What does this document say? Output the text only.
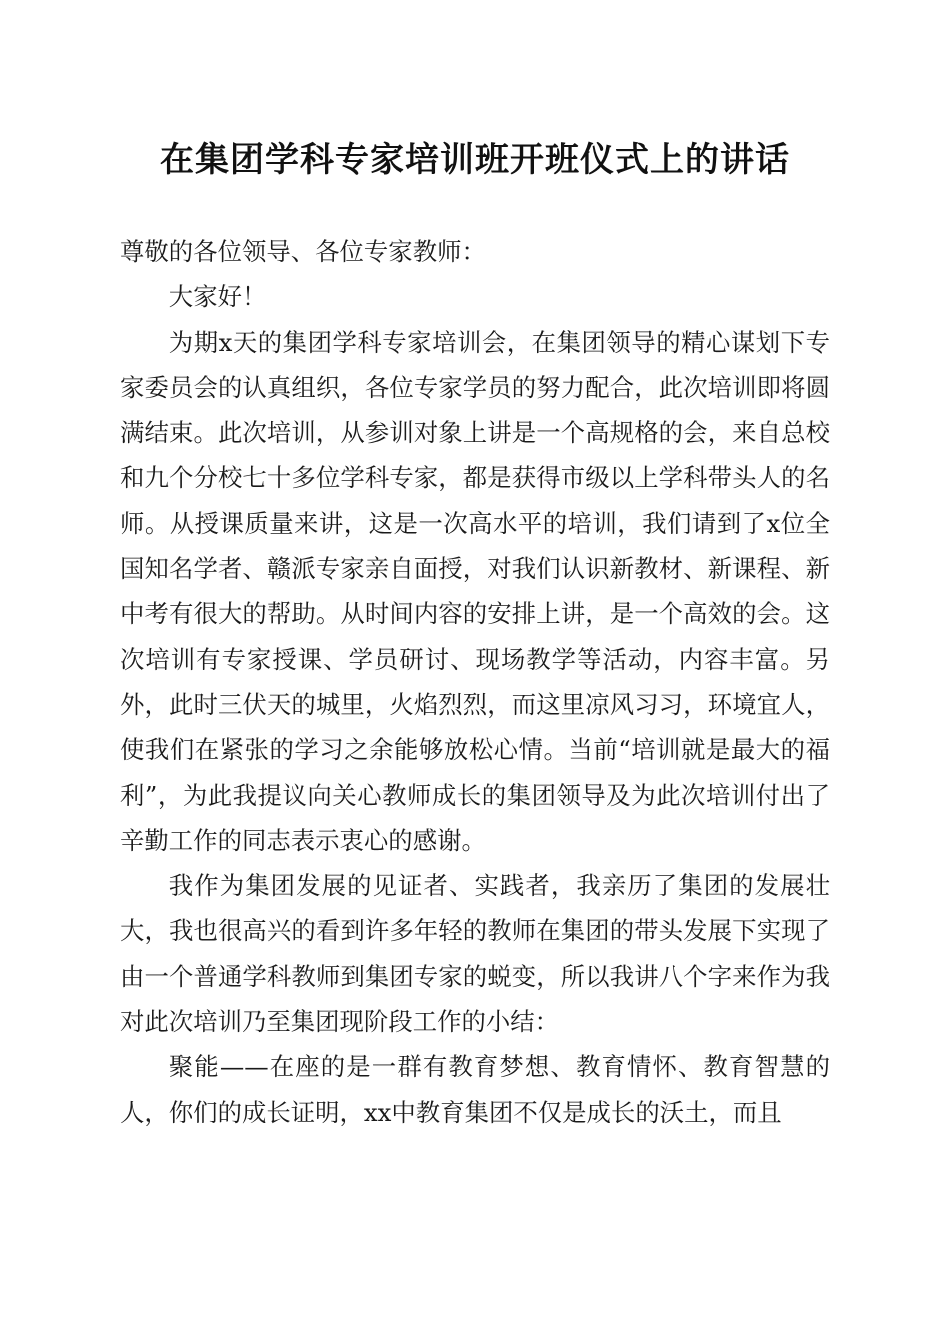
在集团学科专家培训班开班仪式上的讲话

尊敬的各位领导、各位专家教师：

大家好！

为期x天的集团学科专家培训会，在集团领导的精心谋划下专家委员会的认真组织，各位专家学员的努力配合，此次培训即将圆满结束。此次培训，从参训对象上讲是一个高规格的会，来自总校和九个分校七十多位学科专家，都是获得市级以上学科带头人的名师。从授课质量来讲，这是一次高水平的培训，我们请到了x位全国知名学者、赣派专家亲自面授，对我们认识新教材、新课程、新中考有很大的帮助。从时间内容的安排上讲，是一个高效的会。这次培训有专家授课、学员研讨、现场教学等活动，内容丰富。另外，此时三伏天的城里，火焰烈烈，而这里凉风习习，环境宜人，使我们在紧张的学习之余能够放松心情。当前“培训就是最大的福利”，为此我提议向关心教师成长的集团领导及为此次培训付出了辛勤工作的同志表示衷心的感谢。

我作为集团发展的见证者、实践者，我亲历了集团的发展壮大，我也很高兴的看到许多年轻的教师在集团的带头发展下实现了由一个普通学科教师到集团专家的蜕变，所以我讲八个字来作为我对此次培训乃至集团现阶段工作的小结：

聚能——在座的是一群有教育梦想、教育情怀、教育智慧的人，你们的成长证明，xx中教育集团不仅是成长的沃土，而且
